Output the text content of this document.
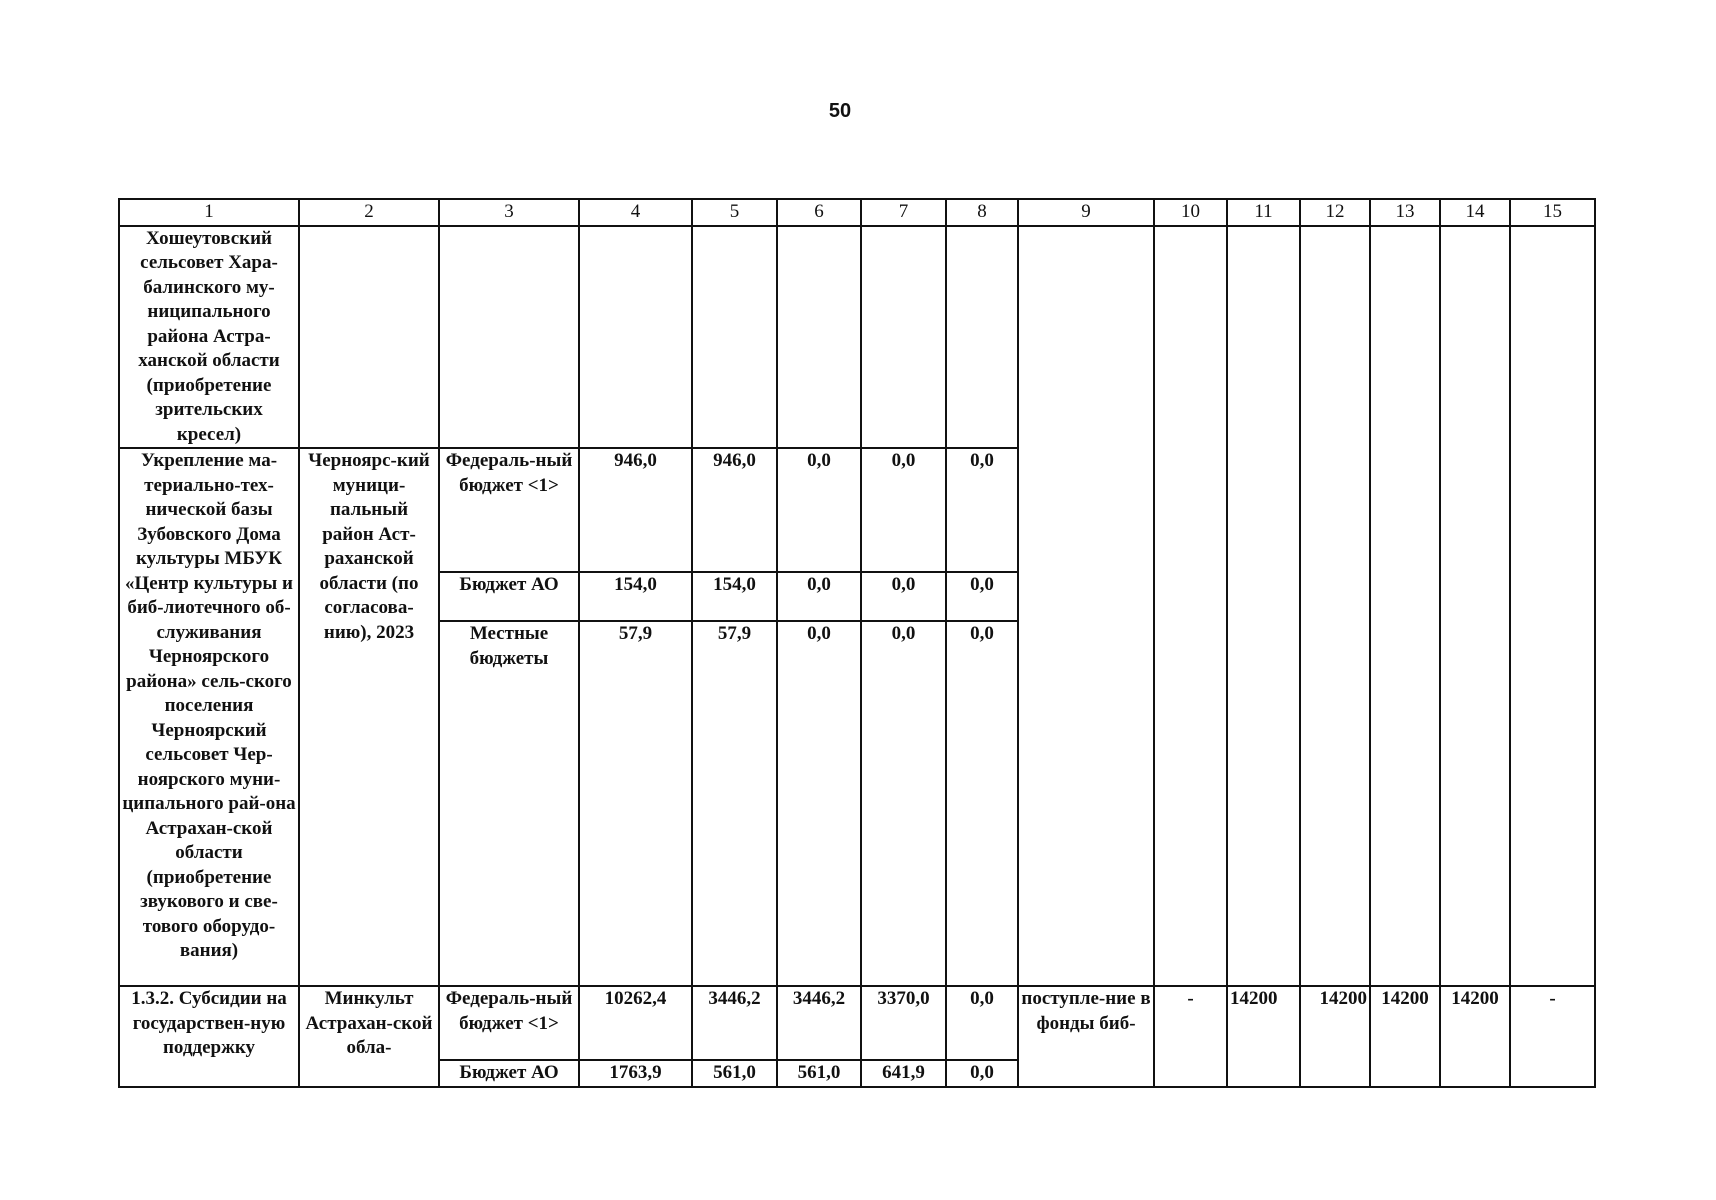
50
1	2	3	4	5	6	7	8	9	10	11	12	13	14	15
Хошеутовский сельсовет Хара-балинского му-ниципального района Астра-ханской области (приобретение зрительских кресел)														
Укрепление ма-териально-тех-нической базы Зубовского Дома культуры МБУК «Центр культуры и биб-лиотечного об-служивания Черноярского района» сель-ского поселения Черноярский сельсовет Чер-ноярского муни-ципального рай-она Астрахан-ской области (приобретение звукового и све-тового оборудо-вания)	Черноярс-кий муници-пальный район Аст-раханской области (по согласова-нию), 2023	Федераль-ный бюджет <1>	946,0	946,0	0,0	0,0	0,0							
		Бюджет АО	154,0	154,0	0,0	0,0	0,0							
		Местные бюджеты	57,9	57,9	0,0	0,0	0,0							
1.3.2. Субсидии на государствен-ную поддержку	Минкульт Астрахан-ской обла-	Федераль-ный бюджет <1>	10262,4	3446,2	3446,2	3370,0	0,0	поступле-ние в фонды биб-	-	14200	14200	14200	14200	-
		Бюджет АО	1763,9	561,0	561,0	641,9	0,0							
